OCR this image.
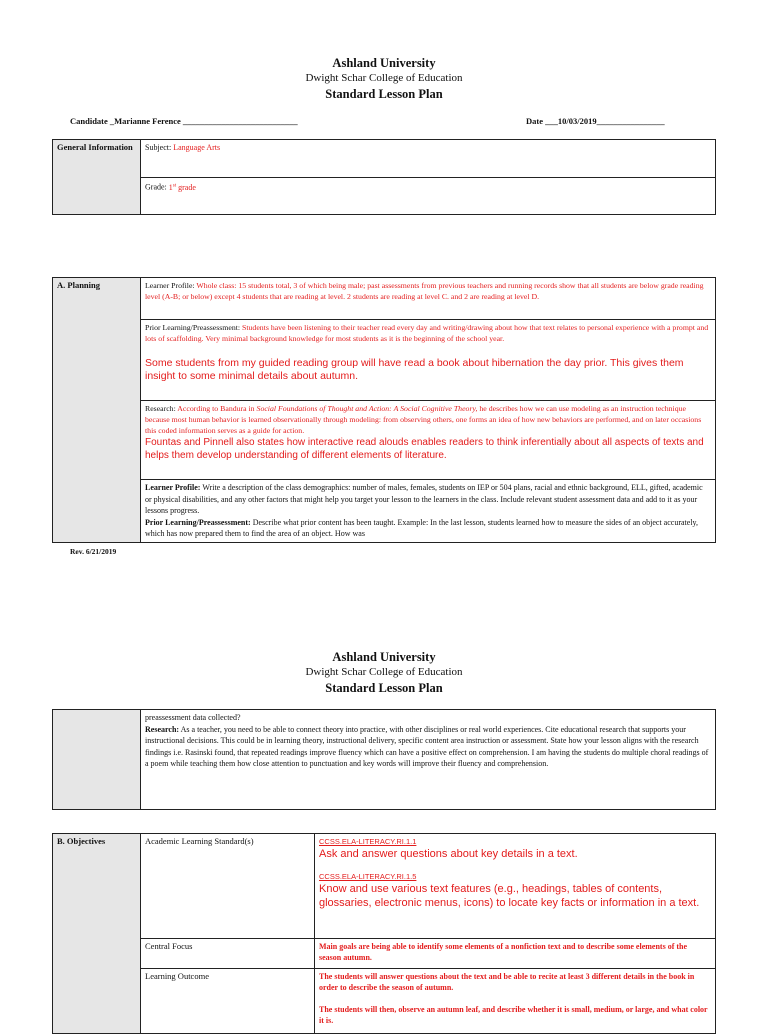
Ashland University
Dwight Schar College of Education
Standard Lesson Plan
Candidate _Marianne Ference ___________________________	Date ___10/03/2019________________
General Information	Subject: Language Arts
Grade: 1st grade
A. Planning	Learner Profile: Whole class: 15 students total, 3 of which being male; past assessments from previous teachers and running records show that all students are below grade reading level (A-B; or below) except 4 students that are reading at level. 2 students are reading at level C. and 2 are reading at level D.
Prior Learning/Preassessment: Students have been listening to their teacher read every day and writing/drawing about how that text relates to personal experience with a prompt and lots of scaffolding. Very minimal background knowledge for most students as it is the beginning of the school year.
Some students from my guided reading group will have read a book about hibernation the day prior. This gives them insight to some minimal details about autumn.

Research: According to Bandura in Social Foundations of Thought and Action: A Social Cognitive Theory, he describes how we can use modeling as an instruction technique because most human behavior is learned observationally through modeling: from observing others, one forms an idea of how new behaviors are performed, and on later occasions this coded information serves as a guide for action.
Fountas and Pinnell also states how interactive read alouds enables readers to think inferentially about all aspects of texts and helps them develop understanding of different elements of literature.

Learner Profile: Write a description of the class demographics: number of males, females, students on IEP or 504 plans, racial and ethnic background, ELL, gifted, academic or physical disabilities, and any other factors that might help you target your lesson to the learners in the class. Include relevant student assessment data and add to it as your lessons progress.
Prior Learning/Preassessment: Describe what prior content has been taught. Example: In the last lesson, students learned how to measure the sides of an object accurately, which has now prepared them to find the area of an object. How was
Rev. 6/21/2019
Ashland University
Dwight Schar College of Education
Standard Lesson Plan
	preassessment data collected?
Research: As a teacher, you need to be able to connect theory into practice, with other disciplines or real world experiences. Cite educational research that supports your instructional decisions. This could be in learning theory, instructional delivery, specific content area instruction or assessment. State how your lesson aligns with the research findings i.e. Rasinski found, that repeated readings improve fluency which can have a positive effect on comprehension. I am having the students do multiple choral readings of a poem while teaching them how close attention to punctuation and key words will improve their fluency and comprehension.
B. Objectives	Academic Learning Standard(s)	CCSS.ELA-LITERACY.RI.1.1
Ask and answer questions about key details in a text.
CCSS.ELA-LITERACY.RI.1.5
Know and use various text features (e.g., headings, tables of contents, glossaries, electronic menus, icons) to locate key facts or information in a text.

	Central Focus	Main goals are being able to identify some elements of a nonfiction text and to describe some elements of the season autumn.
	Learning Outcome	The students will answer questions about the text and be able to recite at least 3 different details in the book in order to describe the season of autumn.
The students will then, observe an autumn leaf, and describe whether it is small, medium, or large, and what color it is.
